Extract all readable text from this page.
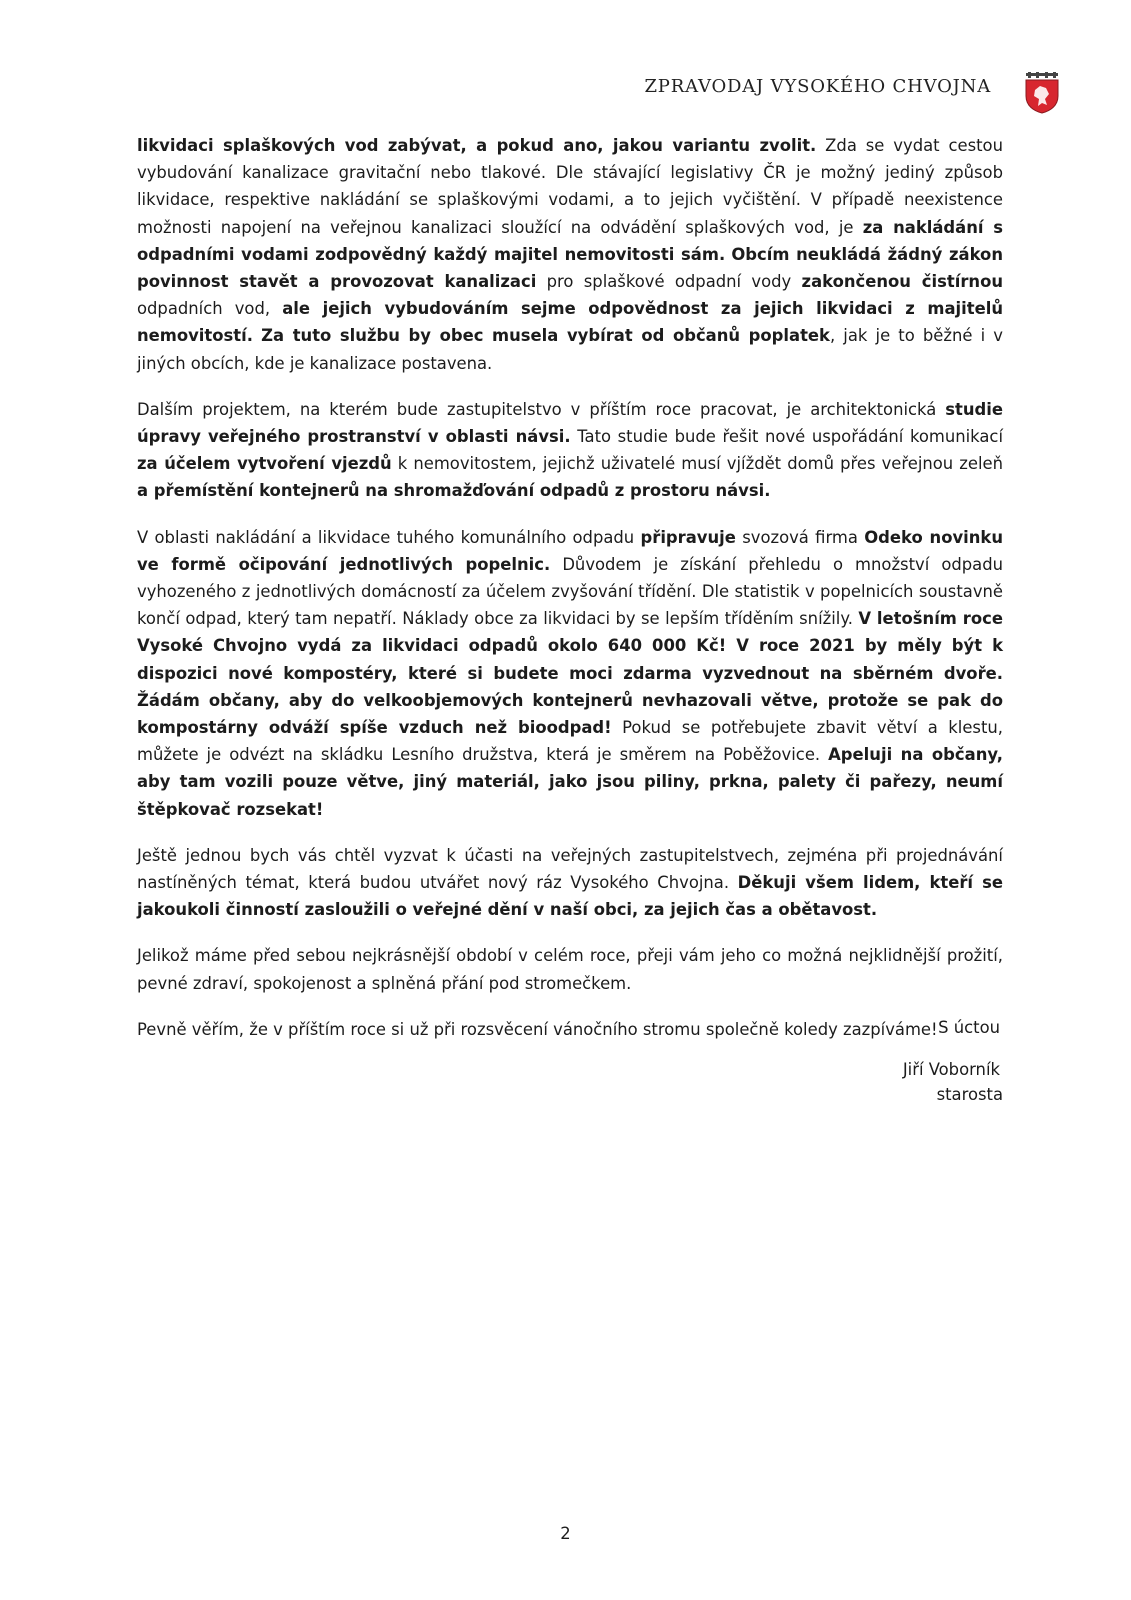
ZPRAVODAJ VYSOKÉHO CHVOJNA

likvidaci splaškových vod zabývat, a pokud ano, jakou variantu zvolit. Zda se vydat cestou vybudování kanalizace gravitační nebo tlakové. Dle stávající legislativy ČR je možný jediný způsob likvidace, respektive nakládání se splaškovými vodami, a to jejich vyčištění. V případě neexistence možnosti napojení na veřejnou kanalizaci sloužící na odvádění splaškových vod, je za nakládání s odpadními vodami zodpovědný každý majitel nemovitosti sám. Obcím neukládá žádný zákon povinnost stavět a provozovat kanalizaci pro splaškové odpadní vody zakončenou čistírnou odpadních vod, ale jejich vybudováním sejme odpovědnost za jejich likvidaci z majitelů nemovitostí. Za tuto službu by obec musela vybírat od občanů poplatek, jak je to běžné i v jiných obcích, kde je kanalizace postavena.

Dalším projektem, na kterém bude zastupitelstvo v příštím roce pracovat, je architektonická studie úpravy veřejného prostranství v oblasti návsi. Tato studie bude řešit nové uspořádání komunikací za účelem vytvoření vjezdů k nemovitostem, jejichž uživatelé musí vjíždět domů přes veřejnou zeleň a přemístění kontejnerů na shromažďování odpadů z prostoru návsi.

V oblasti nakládání a likvidace tuhého komunálního odpadu připravuje svozová firma Odeko novinku ve formě očipování jednotlivých popelnic. Důvodem je získání přehledu o množství odpadu vyhozeného z jednotlivých domácností za účelem zvyšování třídění. Dle statistik v popelnicích soustavně končí odpad, který tam nepatří. Náklady obce za likvidaci by se lepším tříděním snížily. V letošním roce Vysoké Chvojno vydá za likvidaci odpadů okolo 640 000 Kč! V roce 2021 by měly být k dispozici nové kompostéry, které si budete moci zdarma vyzvednout na sběrném dvoře. Žádám občany, aby do velkoobjemových kontejnerů nevhazovali větve, protože se pak do kompostárny odváží spíše vzduch než bioodpad! Pokud se potřebujete zbavit větví a klestu, můžete je odvézt na skládku Lesního družstva, která je směrem na Poběžovice. Apeluji na občany, aby tam vozili pouze větve, jiný materiál, jako jsou piliny, prkna, palety či pařezy, neumí štěpkovač rozsekat!

Ještě jednou bych vás chtěl vyzvat k účasti na veřejných zastupitelstvech, zejména při projednávání nastíněných témat, která budou utvářet nový ráz Vysokého Chvojna. Děkuji všem lidem, kteří se jakoukoli činností zasloužili o veřejné dění v naší obci, za jejich čas a obětavost.

Jelikož máme před sebou nejkrásnější období v celém roce, přeji vám jeho co možná nejklidnější prožití, pevné zdraví, spokojenost a splněná přání pod stromečkem.

Pevně věřím, že v příštím roce si už při rozsvěcení vánočního stromu společně koledy zazpíváme! S úctou
Jiří Voborník
starosta
2
